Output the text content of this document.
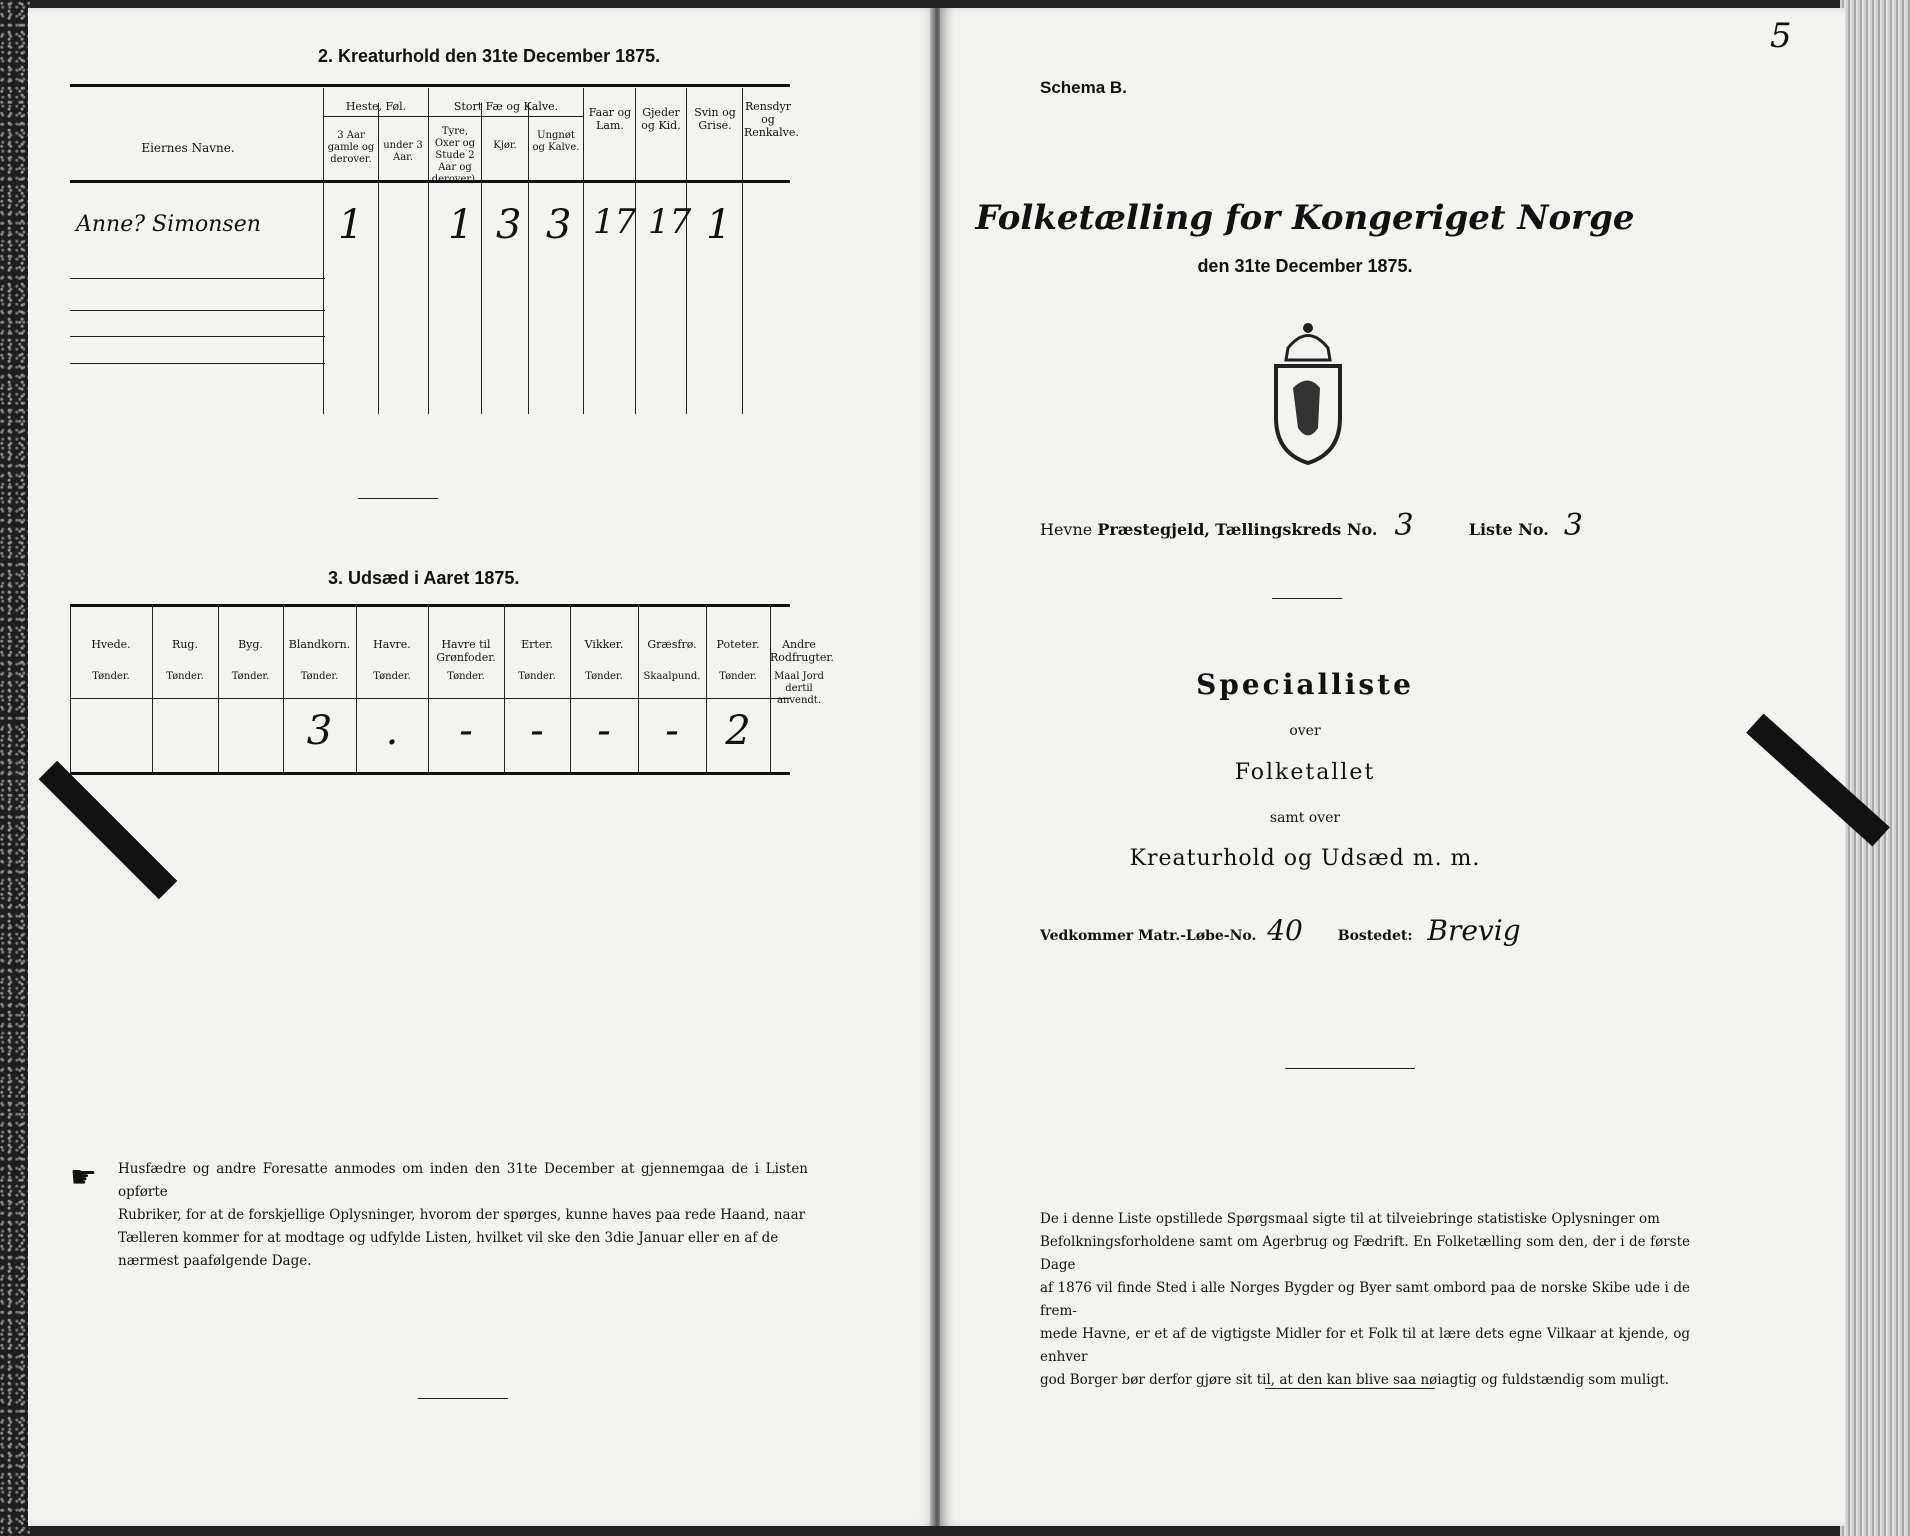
2. Kreaturhold den 31te December 1875.
Eiernes Navne.
Heste, Føl.
3 Aar gamle og derover.
under 3 Aar.
Stort Fæ og Kalve.
Tyre, Oxer og Stude 2 Aar og derover).
Kjør.
Ungnøt og Kalve.
Faar og Lam.
Gjeder og Kid.
Svin og Grise.
Rensdyr og Renkalve.
Anne? Simonsen 1 1 3 3 17 17 1
3. Udsæd i Aaret 1875.
Hvede.
Tønder.
Rug.
Tønder.
Byg.
Tønder.
Blandkorn.
Tønder.
3
Havre.
Tønder.
.
Havre til Grønfoder.
Tønder.
-
Erter.
Tønder.
-
Vikker.
Tønder.
-
Græsfrø.
Skaalpund.
-
Poteter.
Tønder.
2
Andre Rodfrugter.
Maal Jord dertil anvendt.
☛ Husfædre og andre Foresatte anmodes om inden den 31te December at gjennemgaa de i Listen opførte
Rubriker, for at de forskjellige Oplysninger, hvorom der spørges, kunne haves paa rede Haand, naar
Tælleren kommer for at modtage og udfylde Listen, hvilket vil ske den 3die Januar eller en af de
nærmest paafølgende Dage.
Schema B.
5
Folketælling for Kongeriget Norge
den 31te December 1875.
Hevne Præstegjeld, Tællingskreds No. 3	Liste No. 3
Specialliste
over
Folketallet
samt over
Kreaturhold og Udsæd m. m.
Vedkommer Matr.-Løbe-No. 40 Bostedet: Brevig
De i denne Liste opstillede Spørgsmaal sigte til at tilveiebringe statistiske Oplysninger om
Befolkningsforholdene samt om Agerbrug og Fædrift. En Folketælling som den, der i de første Dage
af 1876 vil finde Sted i alle Norges Bygder og Byer samt ombord paa de norske Skibe ude i de frem-
mede Havne, er et af de vigtigste Midler for et Folk til at lære dets egne Vilkaar at kjende, og enhver
god Borger bør derfor gjøre sit til, at den kan blive saa nøiagtig og fuldstændig som muligt.
